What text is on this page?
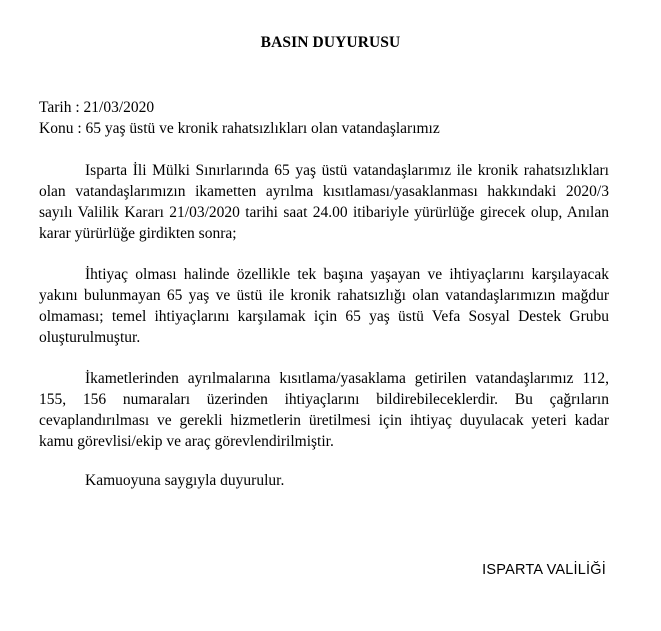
BASIN DUYURUSU
Tarih : 21/03/2020
Konu : 65 yaş üstü ve kronik rahatsızlıkları olan vatandaşlarımız

Isparta İli Mülki Sınırlarında 65 yaş üstü vatandaşlarımız ile kronik rahatsızlıkları olan vatandaşlarımızın ikametten ayrılma kısıtlaması/yasaklanması hakkındaki 2020/3 sayılı Valilik Kararı 21/03/2020 tarihi saat 24.00 itibariyle yürürlüğe girecek olup, Anılan karar yürürlüğe girdikten sonra;

İhtiyaç olması halinde özellikle tek başına yaşayan ve ihtiyaçlarını karşılayacak yakını bulunmayan 65 yaş ve üstü ile kronik rahatsızlığı olan vatandaşlarımızın mağdur olmaması; temel ihtiyaçlarını karşılamak için 65 yaş üstü Vefa Sosyal Destek Grubu oluşturulmuştur.

İkametlerinden ayrılmalarına kısıtlama/yasaklama getirilen vatandaşlarımız 112, 155, 156 numaraları üzerinden ihtiyaçlarını bildirebileceklerdir. Bu çağrıların cevaplandırılması ve gerekli hizmetlerin üretilmesi için ihtiyaç duyulacak yeteri kadar kamu görevlisi/ekip ve araç görevlendirilmiştir.

Kamuoyuna saygıyla duyurulur.

ISPARTA VALİLİĞİ
